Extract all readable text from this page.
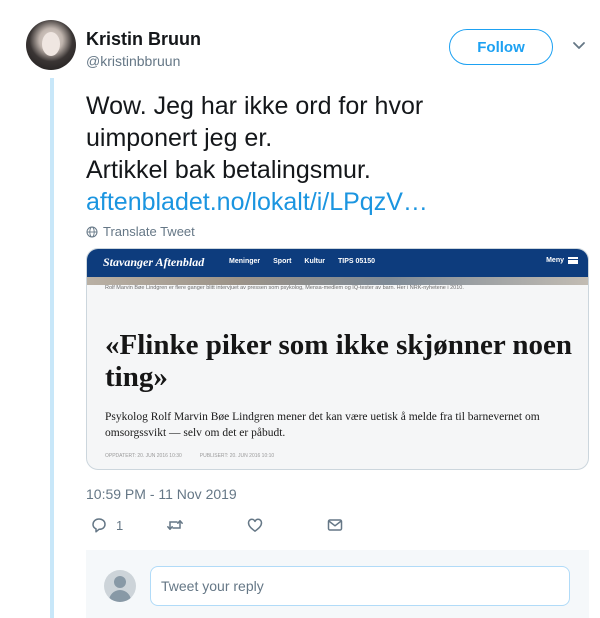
Kristin Bruun
@kristinbbruun
Follow
Wow. Jeg har ikke ord for hvor
uimponert jeg er.
Artikkel bak betalingsmur.
aftenbladet.no/lokalt/i/LPqzV…
Translate Tweet
Stavanger Aftenblad	Meninger Sport Kultur TIPS 05150	Meny
Rolf Marvin Bøe Lindgren er flere ganger blitt intervjuet av pressen som psykolog, Mensa-medlem og IQ-tester av barn. Her i NRK-nyhetene i 2010.
«Flinke piker som ikke skjønner noen ting»
Psykolog Rolf Marvin Bøe Lindgren mener det kan være uetisk å melde fra til barnevernet om omsorgssvikt — selv om det er påbudt.
OPPDATERT: 20. JUN 2016 10:30	PUBLISERT: 20. JUN 2016 10:10
10:59 PM - 11 Nov 2019
1
Tweet your reply
